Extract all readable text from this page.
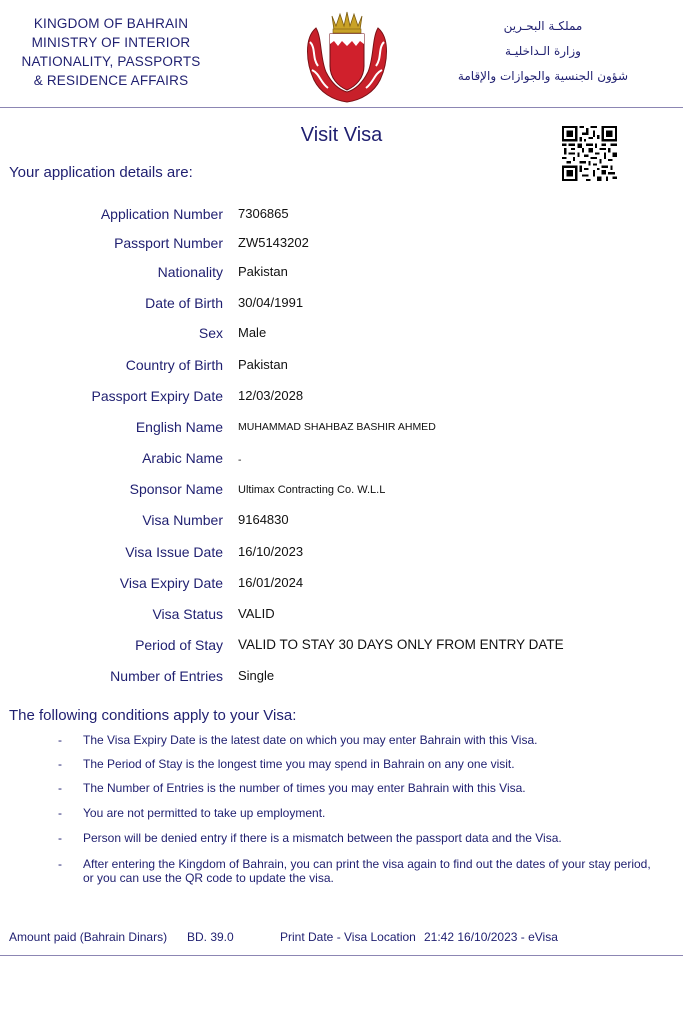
KINGDOM OF BAHRAIN
MINISTRY OF INTERIOR
NATIONALITY, PASSPORTS
& RESIDENCE AFFAIRS
مملكـة البحـرين
وزارة الـداخليـة
شؤون الجنسية والجوازات والإقامة
Visit Visa
Your application details are:
Application Number 7306865
Passport Number ZW5143202
Nationality Pakistan
Date of Birth 30/04/1991
Sex Male
Country of Birth Pakistan
Passport Expiry Date 12/03/2028
English Name MUHAMMAD SHAHBAZ BASHIR AHMED
Arabic Name -
Sponsor Name Ultimax Contracting Co. W.L.L
Visa Number 9164830
Visa Issue Date 16/10/2023
Visa Expiry Date 16/01/2024
Visa Status VALID
Period of Stay VALID TO STAY 30 DAYS ONLY FROM ENTRY DATE
Number of Entries Single
The following conditions apply to your Visa:
- The Visa Expiry Date is the latest date on which you may enter Bahrain with this Visa.
- The Period of Stay is the longest time you may spend in Bahrain on any one visit.
- The Number of Entries is the number of times you may enter Bahrain with this Visa.
- You are not permitted to take up employment.
- Person will be denied entry if there is a mismatch between the passport data and the Visa.
- After entering the Kingdom of Bahrain, you can print the visa again to find out the dates of your stay period, or you can use the QR code to update the visa.
Amount paid (Bahrain Dinars) BD. 39.0	Print Date - Visa Location 21:42 16/10/2023 - eVisa
